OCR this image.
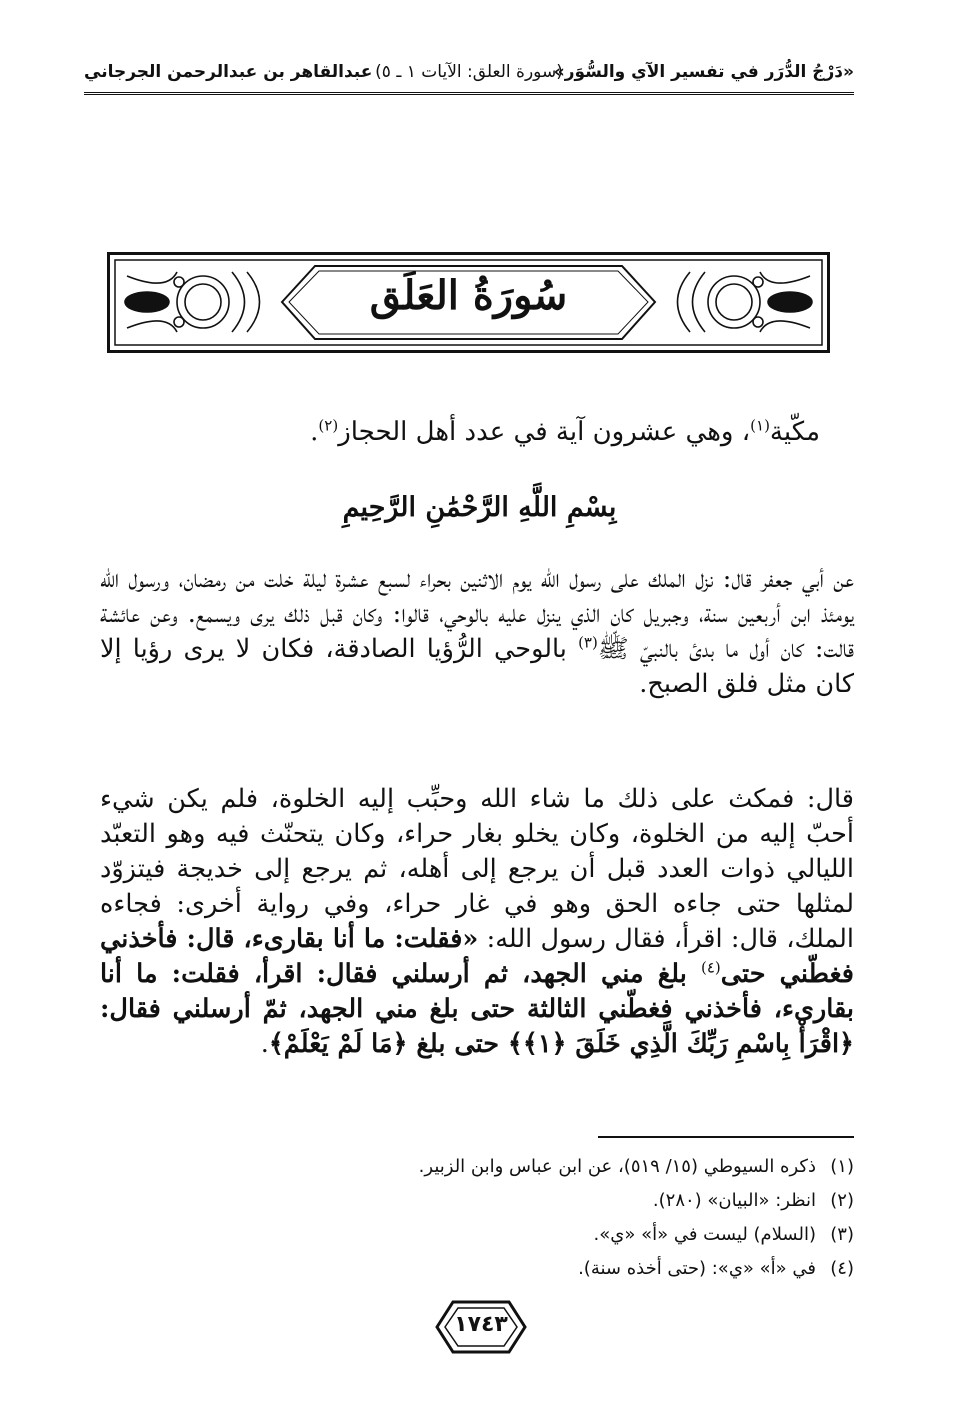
«دَرْجُ الدُّرَر في تفسير الآي والسُّوَر»
(سورة العلق: الآيات ١ ـ ٥)
عبدالقاهر بن عبدالرحمن الجرجاني
سُورَةُ العَلَق
مكّية$^{(١)}$، وهي عشرون آية في عدد أهل الحجاز$^{(٢)}$.
بِسْمِ اللَّهِ الرَّحْمَٰنِ الرَّحِيمِ
عن أبي جعفر قال: نزل الملك على رسول الله يوم الاثنين بحراء لسبع عشرة ليلة خلت من رمضان، ورسول الله يومئذ ابن أربعين سنة، وجبريل كان الذي ينزل عليه بالوحي، قالوا: وكان قبل ذلك يرى ويسمع. وعن عائشة قالت: كان أول ما بدئ بالنبيّ ﷺ$^{(٣)}$ بالوحي الرُّؤيا الصادقة، فكان لا يرى رؤيا إلا كان مثل فلق الصبح.
قال: فمكث على ذلك ما شاء الله وحبِّب إليه الخلوة، فلم يكن شيء أحبّ إليه من الخلوة، وكان يخلو بغار حراء، وكان يتحنّث فيه وهو التعبّد الليالي ذوات العدد قبل أن يرجع إلى أهله، ثم يرجع إلى خديجة فيتزوّد لمثلها حتى جاءه الحق وهو في غار حراء، وفي رواية أخرى: فجاءه الملك، قال: اقرأ، فقال رسول الله: «فقلت: ما أنا بقارىء، قال: فأخذني فغطّني حتى$^{(٤)}$ بلغ مني الجهد، ثم أرسلني فقال: اقرأ، فقلت: ما أنا بقارىء، فأخذني فغطّني الثالثة حتى بلغ مني الجهد، ثمّ أرسلني فقال: ﴿اقْرَأْ بِاسْمِ رَبِّكَ الَّذِي خَلَقَ ﴿١﴾﴾ حتى بلغ ﴿مَا لَمْ يَعْلَمْ﴾.
(١)ذكره السيوطي (١٥/ ٥١٩)، عن ابن عباس وابن الزبير.
(٢)انظر: «البيان» (٢٨٠).
(٣)(السلام) ليست في «أ» «ي».
(٤)في «أ» «ي»: (حتى أخذه سنة).
١٧٤٣
